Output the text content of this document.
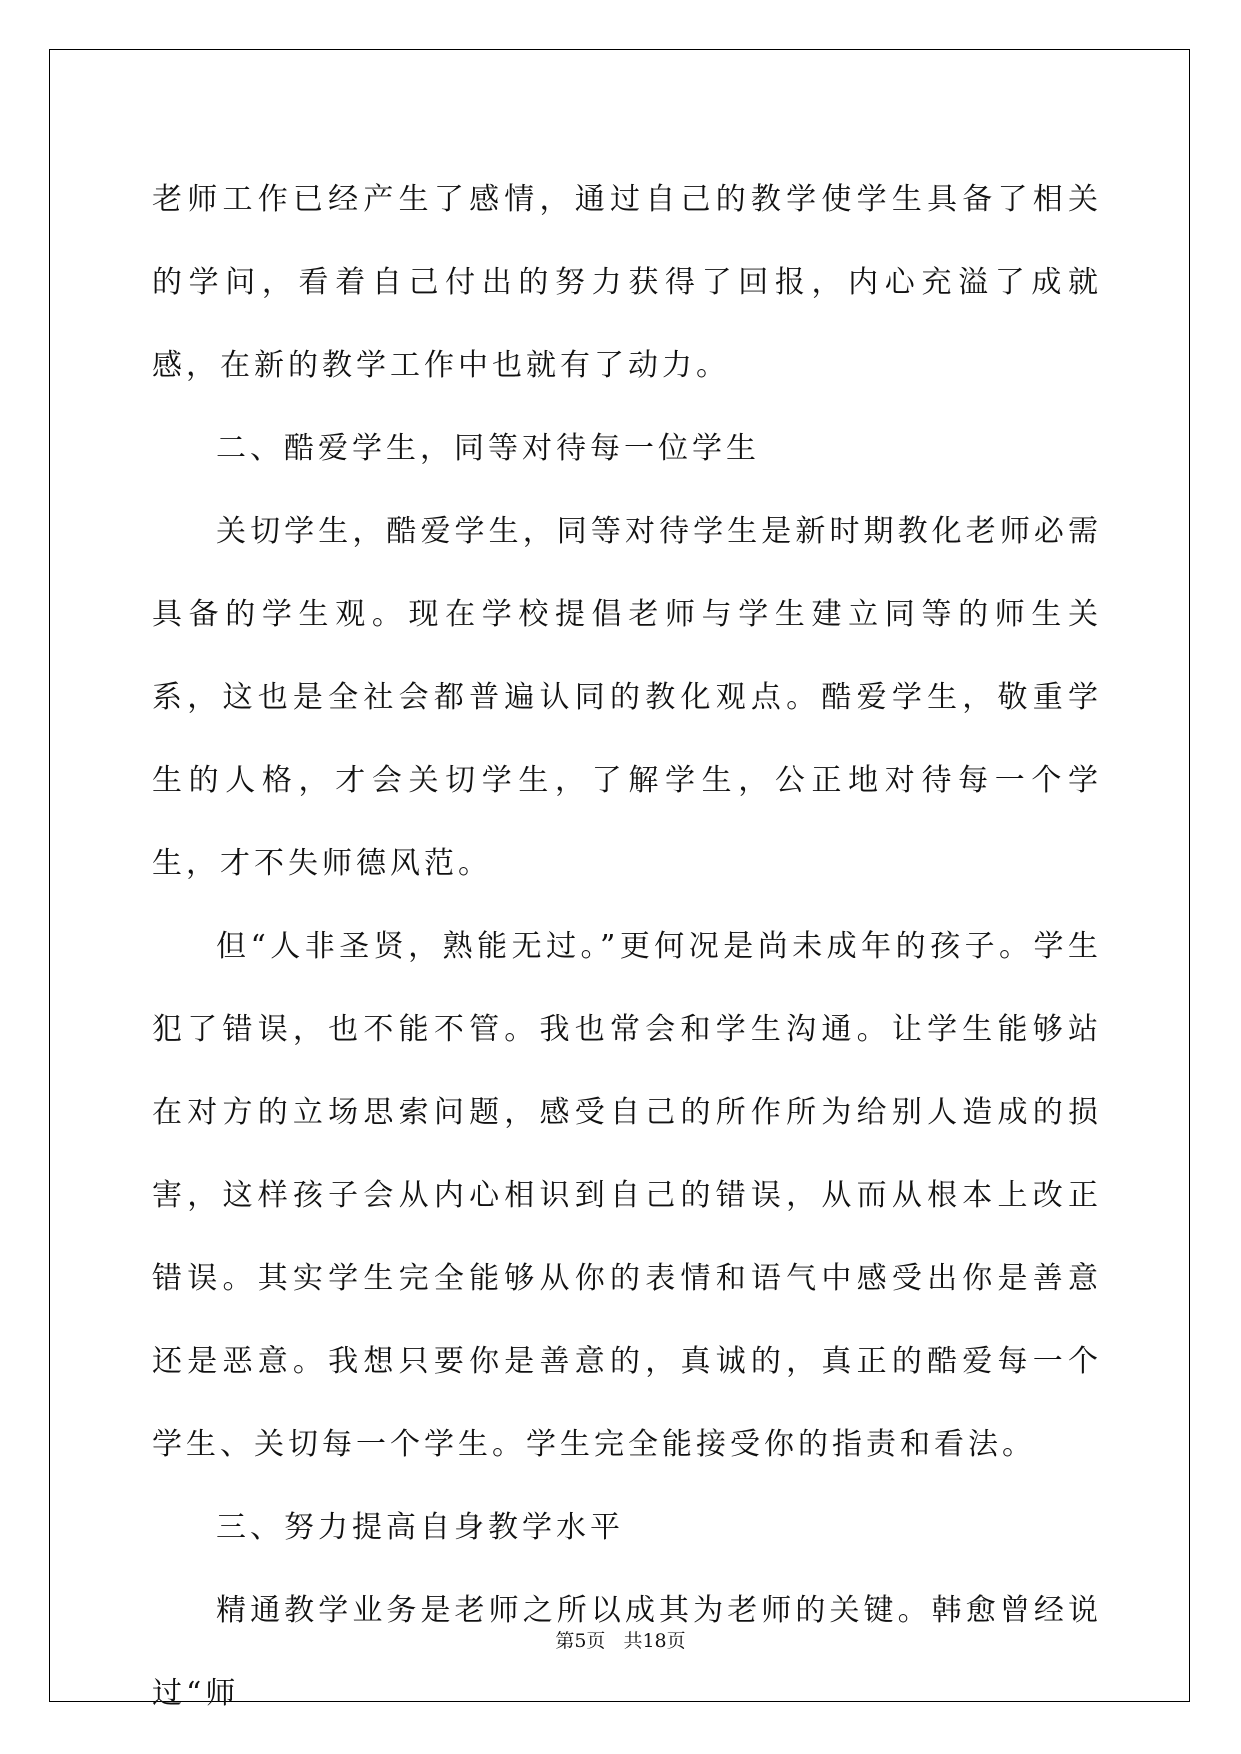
老师工作已经产生了感情，通过自己的教学使学生具备了相关的学问，看着自己付出的努力获得了回报，内心充溢了成就感，在新的教学工作中也就有了动力。

二、酷爱学生，同等对待每一位学生

关切学生，酷爱学生，同等对待学生是新时期教化老师必需具备的学生观。现在学校提倡老师与学生建立同等的师生关系，这也是全社会都普遍认同的教化观点。酷爱学生，敬重学生的人格，才会关切学生，了解学生，公正地对待每一个学生，才不失师德风范。

但“人非圣贤，熟能无过。”更何况是尚未成年的孩子。学生犯了错误，也不能不管。我也常会和学生沟通。让学生能够站在对方的立场思索问题，感受自己的所作所为给别人造成的损害，这样孩子会从内心相识到自己的错误，从而从根本上改正错误。其实学生完全能够从你的表情和语气中感受出你是善意还是恶意。我想只要你是善意的，真诚的，真正的酷爱每一个学生、关切每一个学生。学生完全能接受你的指责和看法。

三、努力提高自身教学水平

精通教学业务是老师之所以成其为老师的关键。韩愈曾经说过“师

第5页 共18页
